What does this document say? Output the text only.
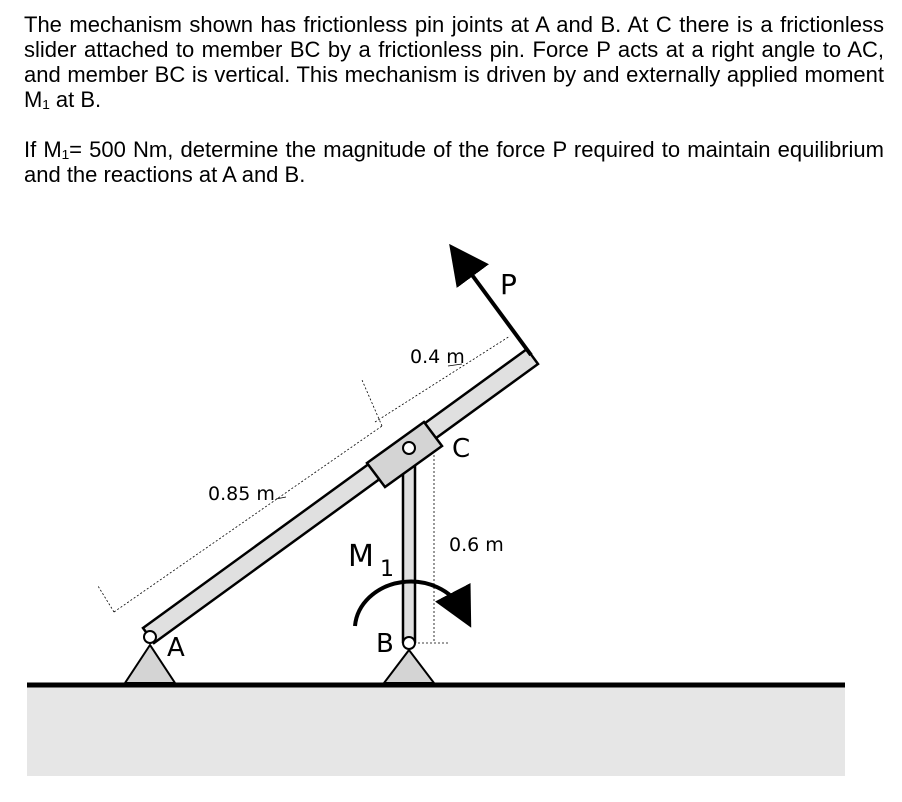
The mechanism shown has frictionless pin joints at A and B. At C there is a frictionless slider attached to member BC by a frictionless pin. Force P acts at a right angle to AC, and member BC is vertical. This mechanism is driven by and externally applied moment M₁ at B.

If M₁= 500 Nm, determine the magnitude of the force P required to maintain equilibrium and the reactions at A and B.

P
C
A	B
M 1
0.85 m
0.4 m
0.6 m
